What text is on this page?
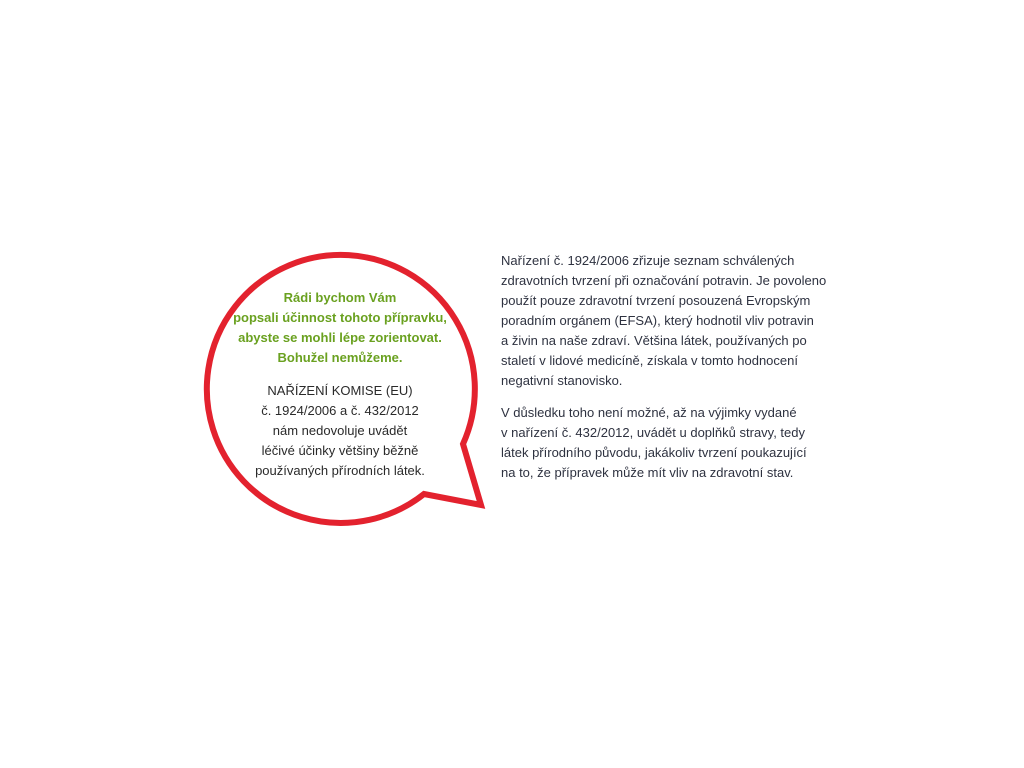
Rádi bychom Vám
popsali účinnost tohoto přípravku,
abyste se mohli lépe zorientovat.
Bohužel nemůžeme.

NAŘÍZENÍ KOMISE (EU)
č. 1924/2006 a č. 432/2012
nám nedovoluje uvádět
léčivé účinky většiny běžně
používaných přírodních látek.

Nařízení č. 1924/2006 zřizuje seznam schválených
zdravotních tvrzení při označování potravin. Je povoleno
použít pouze zdravotní tvrzení posouzená Evropským
poradním orgánem (EFSA), který hodnotil vliv potravin
a živin na naše zdraví. Většina látek, používaných po
staletí v lidové medicíně, získala v tomto hodnocení
negativní stanovisko.

V důsledku toho není možné, až na výjimky vydané
v nařízení č. 432/2012, uvádět u doplňků stravy, tedy
látek přírodního původu, jakákoliv tvrzení poukazující
na to, že přípravek může mít vliv na zdravotní stav.
